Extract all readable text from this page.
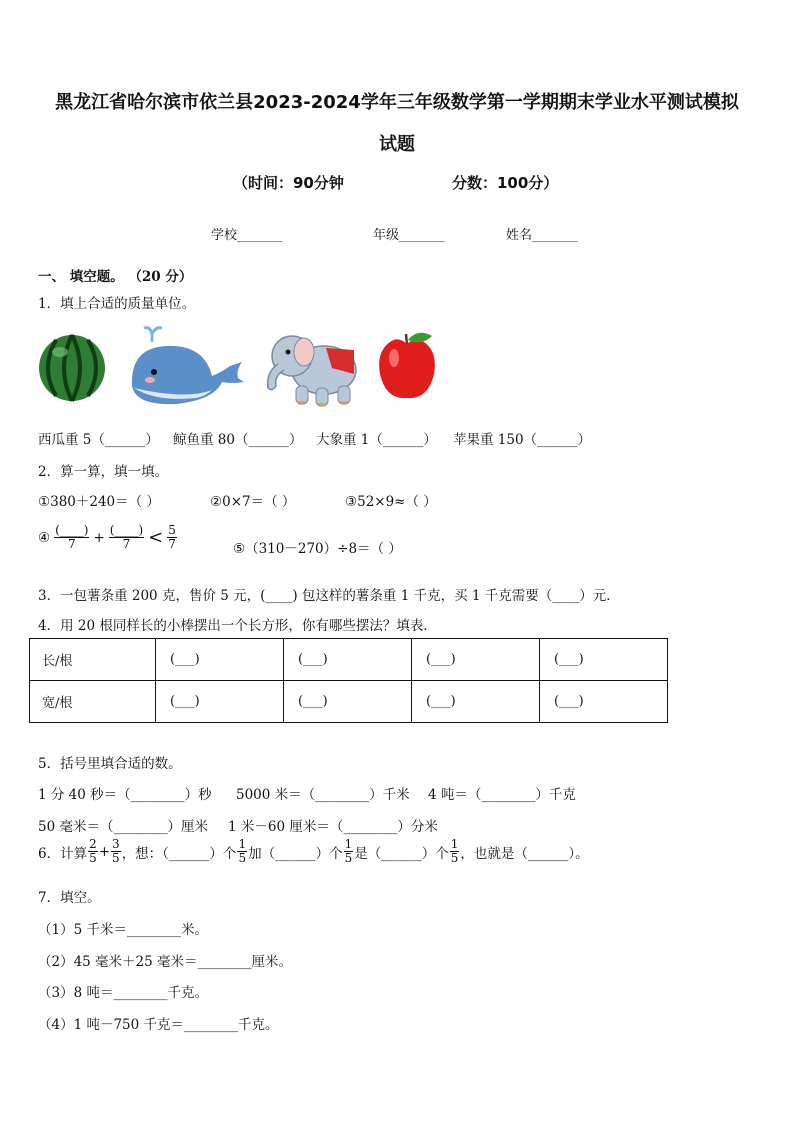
黑龙江省哈尔滨市依兰县2023-2024学年三年级数学第一学期期末学业水平测试模拟
试题
（时间：90分钟	分数：100分）
学校_______	年级_______	姓名_______
一、 填空题。 （20 分）
1．填上合适的质量单位。
西瓜重 5（______） 鲸鱼重 80（______） 大象重 1（______） 苹果重 150（______）
2．算一算，填一填。
①380＋240＝（ ）	②0×7＝（ ）	③52×9≈（ ）
④ $\frac{(\_\_\_\_)}{7} + \frac{(\_\_\_\_)}{7} < \frac{5}{7}$	⑤（310－270）÷8＝（ ）
3．一包薯条重 200 克，售价 5 元，(____) 包这样的薯条重 1 千克，买 1 千克需要（____）元．
4．用 20 根同样长的小棒摆出一个长方形，你有哪些摆法？填表．
长/根	(___)	(___)	(___)	(___)
宽/根	(___)	(___)	(___)	(___)
5．括号里填合适的数。
1 分 40 秒＝（________）秒 5000 米＝（________）千米 4 吨＝（________）千克
50 毫米＝（________）厘米 1 米－60 厘米＝（________）分米
6．计算 $\frac{2}{5} + \frac{3}{5}$ ，想：（______）个 $\frac{1}{5}$ 加（______）个 $\frac{1}{5}$ 是（______）个 $\frac{1}{5}$ ，也就是（______）。
7．填空。
（1）5 千米＝________米。
（2）45 毫米＋25 毫米＝________厘米。
（3）8 吨＝________千克。
（4）1 吨－750 千克＝________千克。
